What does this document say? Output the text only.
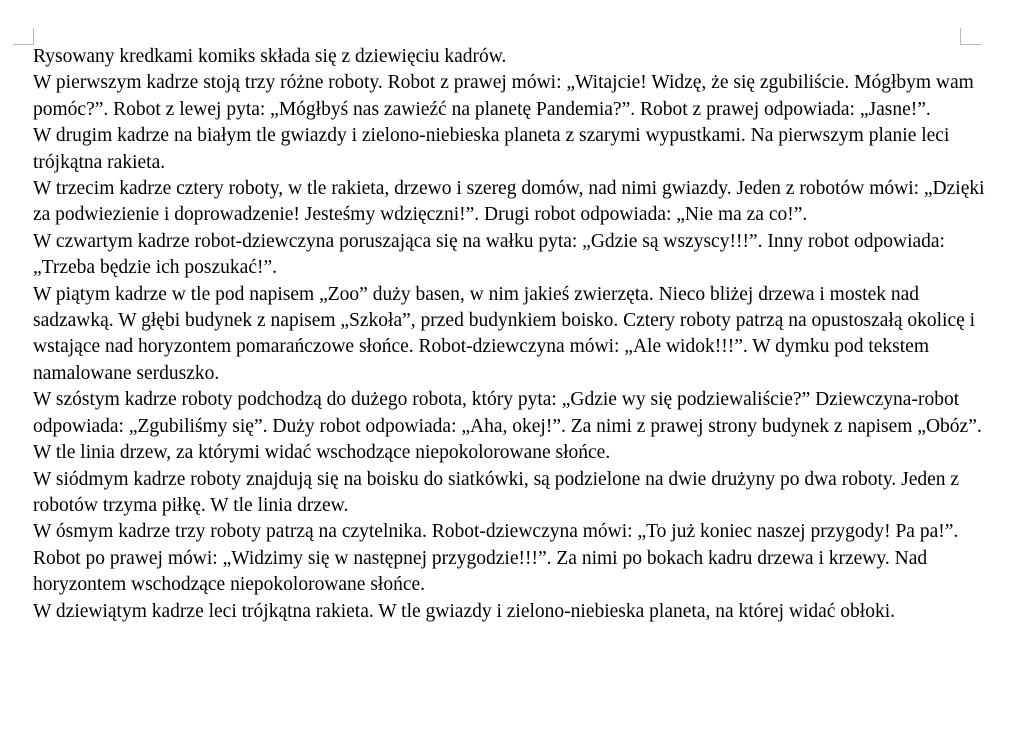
Rysowany kredkami komiks składa się z dziewięciu kadrów.

W pierwszym kadrze stoją trzy różne roboty. Robot z prawej mówi: „Witajcie! Widzę, że się zgubiliście. Mógłbym wam pomóc?”. Robot z lewej pyta: „Mógłbyś nas zawieźć na planetę Pandemia?”. Robot z prawej odpowiada: „Jasne!”.

W drugim kadrze na białym tle gwiazdy i zielono-niebieska planeta z szarymi wypustkami. Na pierwszym planie leci trójkątna rakieta.

W trzecim kadrze cztery roboty, w tle rakieta, drzewo i szereg domów, nad nimi gwiazdy. Jeden z robotów mówi: „Dzięki za podwiezienie i doprowadzenie! Jesteśmy wdzięczni!”. Drugi robot odpowiada: „Nie ma za co!”.

W czwartym kadrze robot-dziewczyna poruszająca się na wałku pyta: „Gdzie są wszyscy!!!”. Inny robot odpowiada: „Trzeba będzie ich poszukać!”.

W piątym kadrze w tle pod napisem „Zoo” duży basen, w nim jakieś zwierzęta. Nieco bliżej drzewa i mostek nad sadzawką. W głębi budynek z napisem „Szkoła”, przed budynkiem boisko. Cztery roboty patrzą na opustoszałą okolicę i wstające nad horyzontem pomarańczowe słońce. Robot-dziewczyna mówi: „Ale widok!!!”. W dymku pod tekstem namalowane serduszko.

W szóstym kadrze roboty podchodzą do dużego robota, który pyta: „Gdzie wy się podziewaliście?” Dziewczyna-robot odpowiada: „Zgubiliśmy się”. Duży robot odpowiada: „Aha, okej!”. Za nimi z prawej strony budynek z napisem „Obóz”. W tle linia drzew, za którymi widać wschodzące niepokolorowane słońce.

W siódmym kadrze roboty znajdują się na boisku do siatkówki, są podzielone na dwie drużyny po dwa roboty. Jeden z robotów trzyma piłkę. W tle linia drzew.

W ósmym kadrze trzy roboty patrzą na czytelnika. Robot-dziewczyna mówi: „To już koniec naszej przygody! Pa pa!”. Robot po prawej mówi: „Widzimy się w następnej przygodzie!!!”. Za nimi po bokach kadru drzewa i krzewy. Nad horyzontem wschodzące niepokolorowane słońce.

W dziewiątym kadrze leci trójkątna rakieta. W tle gwiazdy i zielono-niebieska planeta, na której widać obłoki.
